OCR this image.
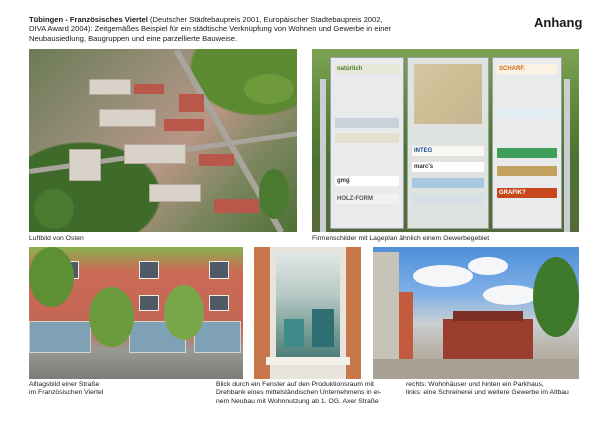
Tübingen - Französisches Viertel (Deutscher Städtebaupreis 2001, Europäischer Stadtebaupreis 2002, DIVA Award 2004): Zeitgemäßes Beispiel für ein städtische Verknüpfung von Wohnen und Gewerbe in einer Neubausiedlung, Baugruppen und eine parzellierte Bauweise.
Anhang
Luftbild von Osten
natürlich
gmg
HOLZ-FORM
INTEG
marc's
SCHARF.
GRAFIK?
Firmenschilder mit Lageplan ähnlich einem Gewerbegebiet
Alltagsbild einer Straße
im Französischen Viertel
Blick durch ein Fenster auf den Produktionsraum mit
Drehbank eines mittelständischen Unternehmens in ei-
nem Neubau mit Wohnnutzung ab 1. OG, Axer Straße
rechts: Wohnhäuser und hinten ein Parkhaus,
links: eine Schreinerei und weitere Gewerbe im Altbau
